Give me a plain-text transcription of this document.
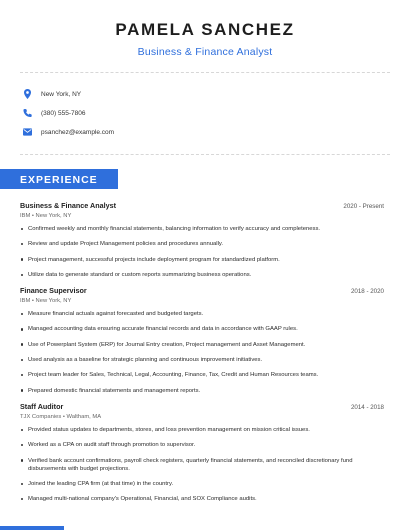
PAMELA SANCHEZ
Business & Finance Analyst
New York, NY
(380) 555-7806
psanchez@example.com
EXPERIENCE
Business & Finance Analyst	2020 - Present
IBM • New York, NY
Confirmed weekly and monthly financial statements, balancing information to verify accuracy and completeness.
Review and update Project Management policies and procedures annually.
Project management, successful projects include deployment program for standardized platform.
Utilize data to generate standard or custom reports summarizing business operations.
Finance Supervisor	2018 - 2020
IBM • New York, NY
Measure financial actuals against forecasted and budgeted targets.
Managed accounting data ensuring accurate financial records and data in accordance with GAAP rules.
Use of Powerplant System (ERP) for Journal Entry creation, Project management and Asset Management.
Used analysis as a baseline for strategic planning and continuous improvement initiatives.
Project team leader for Sales, Technical, Legal, Accounting, Finance, Tax, Credit and Human Resources teams.
Prepared domestic financial statements and management reports.
Staff Auditor	2014 - 2018
TJX Companies • Waltham, MA
Provided status updates to departments, stores, and loss prevention management on mission critical issues.
Worked as a CPA on audit staff through promotion to supervisor.
Verified bank account confirmations, payroll check registers, quarterly financial statements, and reconciled discretionary fund disbursements with budget projections.
Joined the leading CPA firm (at that time) in the country.
Managed multi-national company's Operational, Financial, and SOX Compliance audits.
